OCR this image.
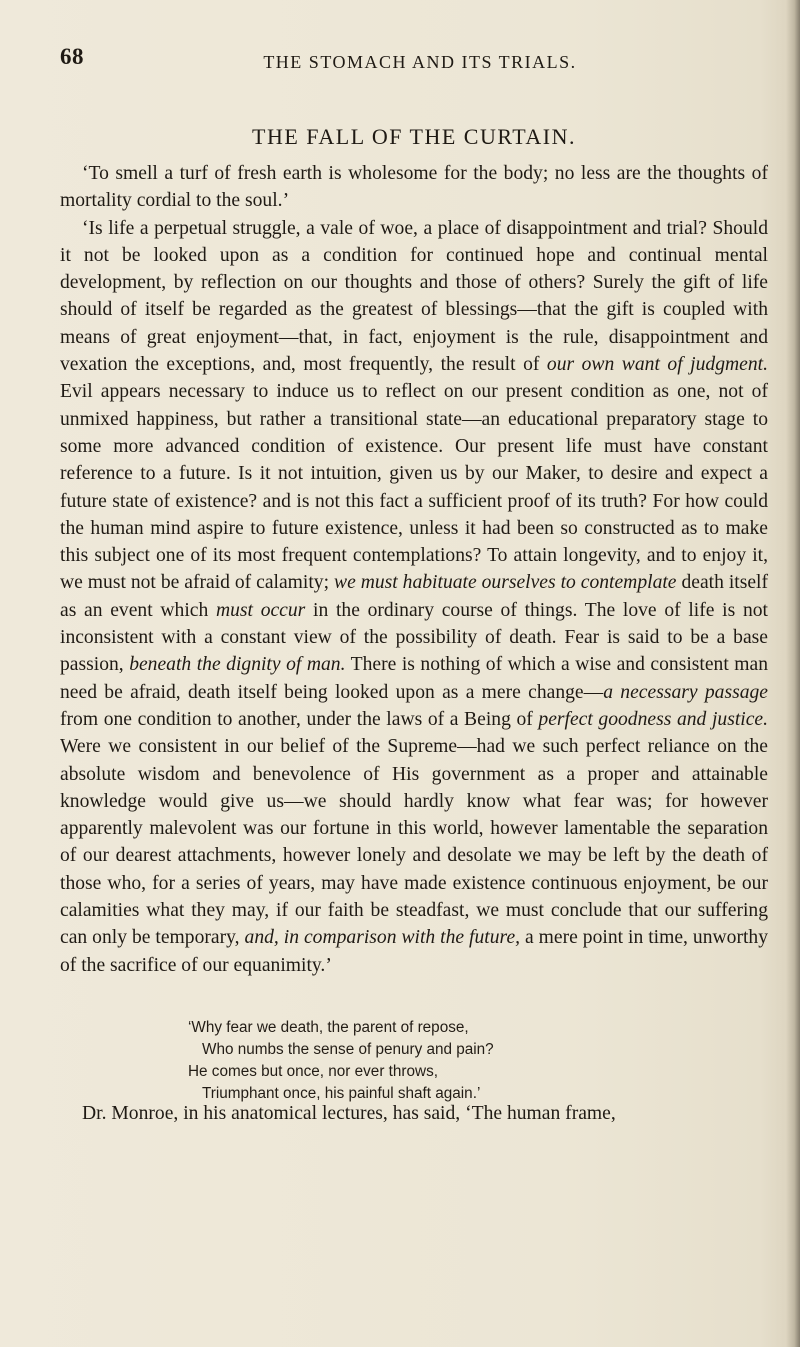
68	THE STOMACH AND ITS TRIALS.
THE FALL OF THE CURTAIN.

‘To smell a turf of fresh earth is wholesome for the body; no less are the thoughts of mortality cordial to the soul.’

‘Is life a perpetual struggle, a vale of woe, a place of disappointment and trial? Should it not be looked upon as a condition for continued hope and continual mental development, by reflection on our thoughts and those of others? Surely the gift of life should of itself be regarded as the greatest of blessings—that the gift is coupled with means of great enjoyment—that, in fact, enjoyment is the rule, disappointment and vexation the exceptions, and, most frequently, the result of our own want of judgment. Evil appears necessary to induce us to reflect on our present condition as one, not of unmixed happiness, but rather a transitional state—an educational preparatory stage to some more advanced condition of existence. Our present life must have constant reference to a future. Is it not intuition, given us by our Maker, to desire and expect a future state of existence? and is not this fact a sufficient proof of its truth? For how could the human mind aspire to future existence, unless it had been so constructed as to make this subject one of its most frequent contemplations? To attain longevity, and to enjoy it, we must not be afraid of calamity; we must habituate ourselves to contemplate death itself as an event which must occur in the ordinary course of things. The love of life is not inconsistent with a constant view of the possibility of death. Fear is said to be a base passion, beneath the dignity of man. There is nothing of which a wise and consistent man need be afraid, death itself being looked upon as a mere change—a necessary passage from one condition to another, under the laws of a Being of perfect goodness and justice. Were we consistent in our belief of the Supreme—had we such perfect reliance on the absolute wisdom and benevolence of His government as a proper and attainable knowledge would give us—we should hardly know what fear was; for however apparently malevolent was our fortune in this world, however lamentable the separation of our dearest attachments, however lonely and desolate we may be left by the death of those who, for a series of years, may have made existence continuous enjoyment, be our calamities what they may, if our faith be steadfast, we must conclude that our suffering can only be temporary, and, in comparison with the future, a mere point in time, unworthy of the sacrifice of our equanimity.’

‘Why fear we death, the parent of repose,
Who numbs the sense of penury and pain?
He comes but once, nor ever throws,
Triumphant once, his painful shaft again.’
Dr. Monroe, in his anatomical lectures, has said, ‘The human frame,
